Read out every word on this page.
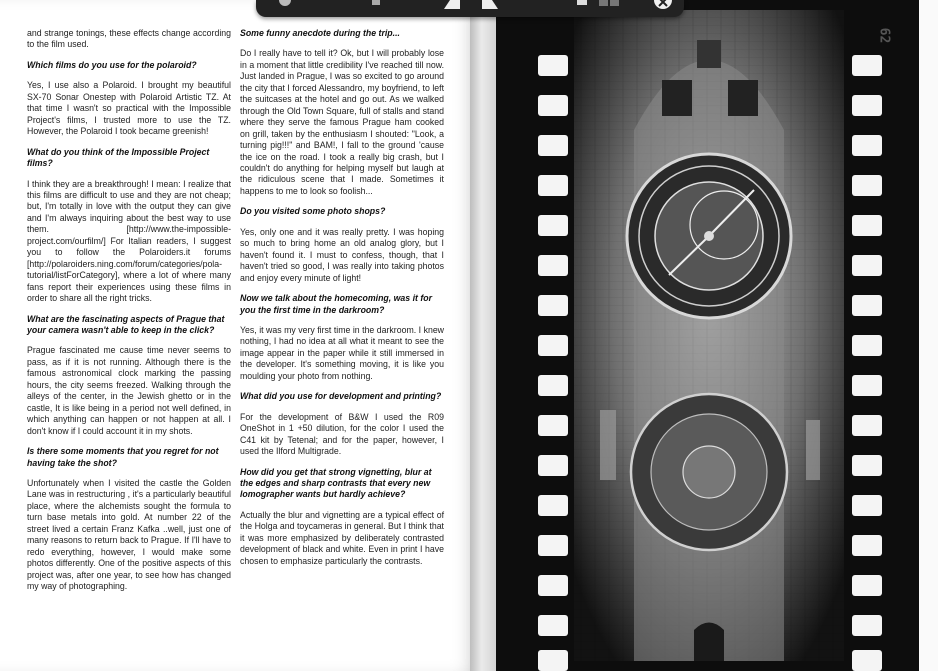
and strange tonings, these effects change according to the film used.

Which films do you use for the polaroid?

Yes, I use also a Polaroid. I brought my beautiful SX-70 Sonar Onestep with Polaroid Artistic TZ. At that time I wasn't so practical with the Impossible Project's films, I trusted more to use the TZ. However, the Polaroid I took became greenish!

What do you think of the Impossible Project films?

I think they are a breakthrough! I mean: I realize that this films are difficult to use and they are not cheap; but, I'm totally in love with the output they can give and I'm always inquiring about the best way to use them. [http://www.the-impossible-project.com/ourfilm/] For Italian readers, I suggest you to follow the Polaroiders.it forums [http://polaroiders.ning.com/forum/categories/pola-tutorial/listForCategory], where a lot of where many fans report their experiences using these films in order to share all the right tricks.

What are the fascinating aspects of Prague that your camera wasn't able to keep in the click?

Prague fascinated me cause time never seems to pass, as if it is not running. Although there is the famous astronomical clock marking the passing hours, the city seems freezed. Walking through the alleys of the center, in the Jewish ghetto or in the castle, It is like being in a period not well defined, in which anything can happen or not happen at all. I don't know if I could account it in my shots.

Is there some moments that you regret for not having take the shot?

Unfortunately when I visited the castle the Golden Lane was in restructuring , it's a particularly beautiful place, where the alchemists sought the formula to turn base metals into gold. At number 22 of the street lived a certain Franz Kafka ..well, just one of many reasons to return back to Prague. If I'll have to redo everything, however, I would make some photos differently. One of the positive aspects of this project was, after one year, to see how has changed my way of photographing.

Some funny anecdote during the trip...

Do I really have to tell it? Ok, but I will probably lose in a moment that little credibility I've reached till now. Just landed in Prague, I was so excited to go around the city that I forced Alessandro, my boyfriend, to left the suitcases at the hotel and go out. As we walked through the Old Town Square, full of stalls and stand where they serve the famous Prague ham cooked on grill, taken by the enthusiasm I shouted: "Look, a turning pig!!!" and BAM!, I fall to the ground 'cause the ice on the road. I took a really big crash, but I couldn't do anything for helping myself but laugh at the ridiculous scene that I made. Sometimes it happens to me to look so foolish...

Do you visited some photo shops?

Yes, only one and it was really pretty. I was hoping so much to bring home an old analog glory, but I haven't found it. I must to confess, though, that I haven't tried so good, I was really into taking photos and enjoy every minute of light!

Now we talk about the homecoming, was it for you the first time in the darkroom?

Yes, it was my very first time in the darkroom. I knew nothing, I had no idea at all what it meant to see the image appear in the paper while it still immersed in the developer. It's something moving, it is like you moulding your photo from nothing.

What did you use for development and printing?

For the development of B&W I used the R09 OneShot in 1 +50 dilution, for the color I used the C41 kit by Tetenal; and for the paper, however, I used the Ilford Multigrade.

How did you get that strong vignetting, blur at the edges and sharp contrasts that every new lomographer wants but hardly achieve?

Actually the blur and vignetting are a typical effect of the Holga and toycameras in general. But I think that it was more emphasized by deliberately contrasted development of black and white. Even in print I have chosen to emphasize particularly the contrasts.

62
